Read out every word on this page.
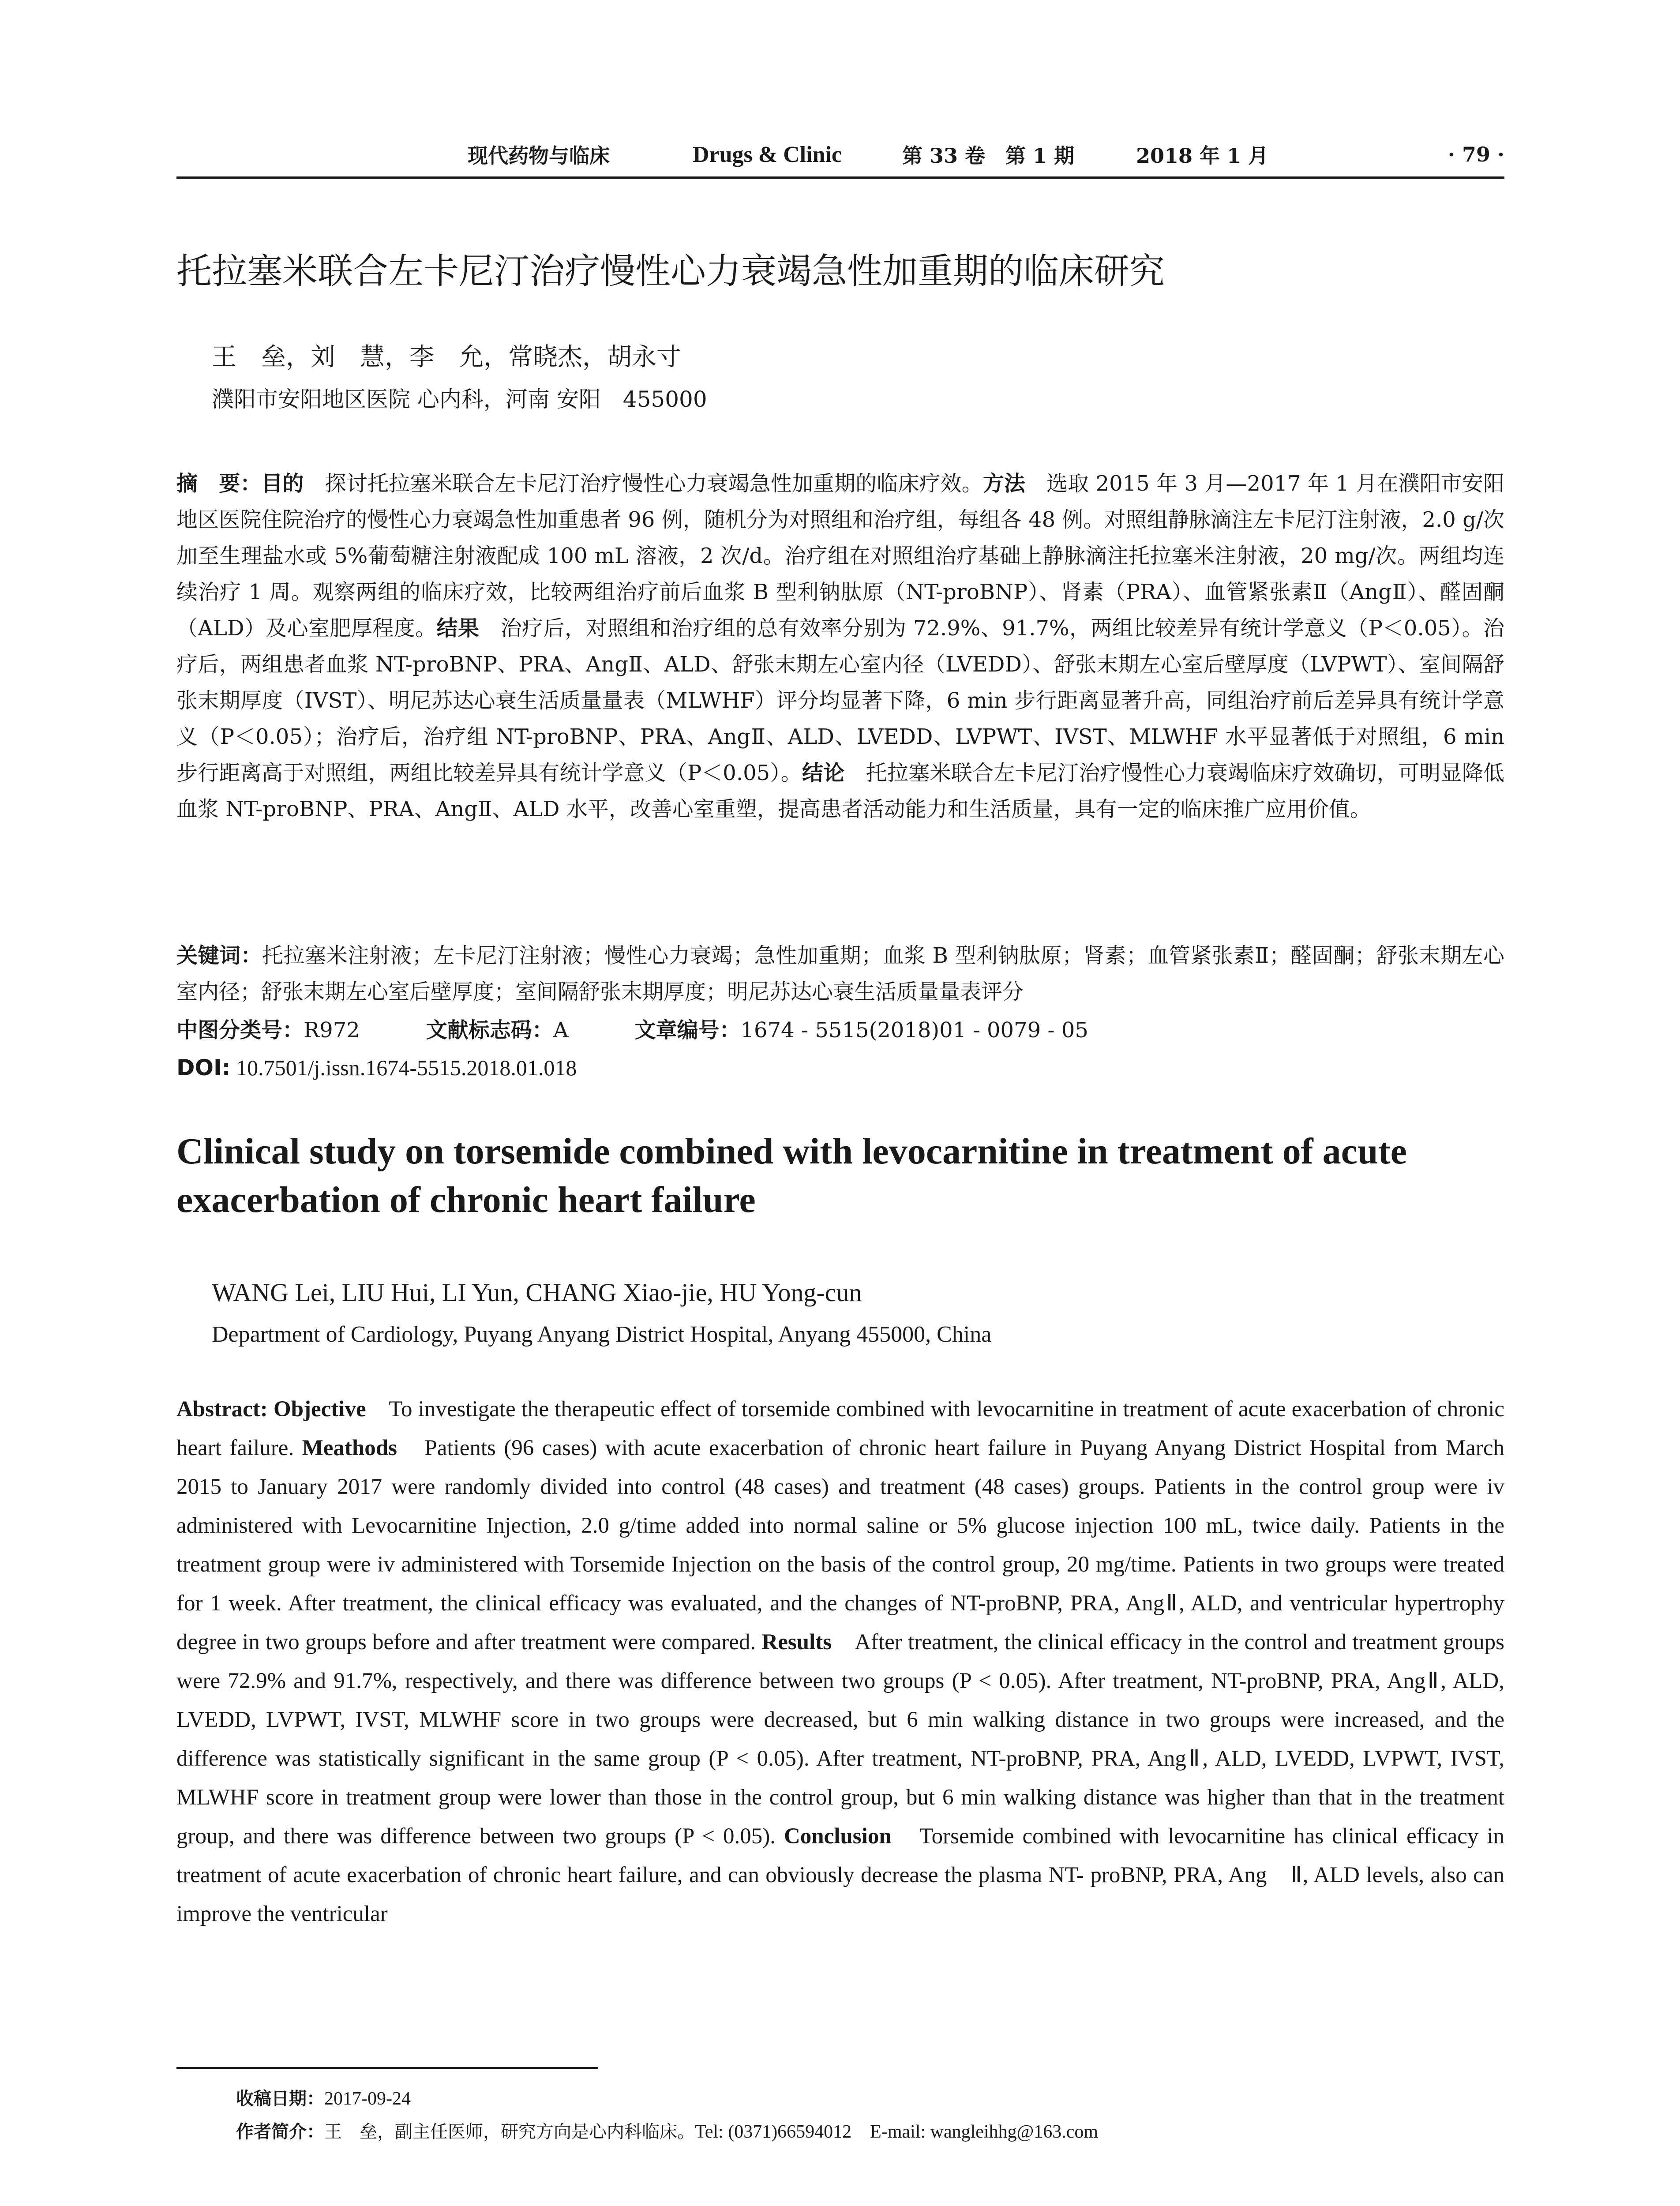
现代药物与临床	Drugs & Clinic	第 33 卷　第 1 期	2018 年 1 月	· 79 ·
托拉塞米联合左卡尼汀治疗慢性心力衰竭急性加重期的临床研究
王　垒，刘　慧，李　允，常晓杰，胡永寸
濮阳市安阳地区医院 心内科，河南 安阳　455000
摘　要：目的　探讨托拉塞米联合左卡尼汀治疗慢性心力衰竭急性加重期的临床疗效。方法　选取 2015 年 3 月—2017 年 1 月在濮阳市安阳地区医院住院治疗的慢性心力衰竭急性加重患者 96 例，随机分为对照组和治疗组，每组各 48 例。对照组静脉滴注左卡尼汀注射液，2.0 g/次加至生理盐水或 5%葡萄糖注射液配成 100 mL 溶液，2 次/d。治疗组在对照组治疗基础上静脉滴注托拉塞米注射液，20 mg/次。两组均连续治疗 1 周。观察两组的临床疗效，比较两组治疗前后血浆 B 型利钠肽原（NT-proBNP）、肾素（PRA）、血管紧张素Ⅱ（AngⅡ）、醛固酮（ALD）及心室肥厚程度。结果　治疗后，对照组和治疗组的总有效率分别为 72.9%、91.7%，两组比较差异有统计学意义（P＜0.05）。治疗后，两组患者血浆 NT-proBNP、PRA、AngⅡ、ALD、舒张末期左心室内径（LVEDD）、舒张末期左心室后壁厚度（LVPWT）、室间隔舒张末期厚度（IVST）、明尼苏达心衰生活质量量表（MLWHF）评分均显著下降，6 min 步行距离显著升高，同组治疗前后差异具有统计学意义（P＜0.05）；治疗后，治疗组 NT-proBNP、PRA、AngⅡ、ALD、LVEDD、LVPWT、IVST、MLWHF 水平显著低于对照组，6 min 步行距离高于对照组，两组比较差异具有统计学意义（P＜0.05）。结论　托拉塞米联合左卡尼汀治疗慢性心力衰竭临床疗效确切，可明显降低血浆 NT-proBNP、PRA、AngⅡ、ALD 水平，改善心室重塑，提高患者活动能力和生活质量，具有一定的临床推广应用价值。
关键词：托拉塞米注射液；左卡尼汀注射液；慢性心力衰竭；急性加重期；血浆 B 型利钠肽原；肾素；血管紧张素Ⅱ；醛固酮；舒张末期左心室内径；舒张末期左心室后壁厚度；室间隔舒张末期厚度；明尼苏达心衰生活质量量表评分
中图分类号：R972	文献标志码：A	文章编号：1674 - 5515(2018)01 - 0079 - 05
DOI: 10.7501/j.issn.1674-5515.2018.01.018
Clinical study on torsemide combined with levocarnitine in treatment of acute
exacerbation of chronic heart failure
WANG Lei, LIU Hui, LI Yun, CHANG Xiao-jie, HU Yong-cun
Department of Cardiology, Puyang Anyang District Hospital, Anyang 455000, China
Abstract: Objective　To investigate the therapeutic effect of torsemide combined with levocarnitine in treatment of acute exacerbation of chronic heart failure. Meathods　Patients (96 cases) with acute exacerbation of chronic heart failure in Puyang Anyang District Hospital from March 2015 to January 2017 were randomly divided into control (48 cases) and treatment (48 cases) groups. Patients in the control group were iv administered with Levocarnitine Injection, 2.0 g/time added into normal saline or 5% glucose injection 100 mL, twice daily. Patients in the treatment group were iv administered with Torsemide Injection on the basis of the control group, 20 mg/time. Patients in two groups were treated for 1 week. After treatment, the clinical efficacy was evaluated, and the changes of NT-proBNP, PRA, AngⅡ, ALD, and ventricular hypertrophy degree in two groups before and after treatment were compared. Results　After treatment, the clinical efficacy in the control and treatment groups were 72.9% and 91.7%, respectively, and there was difference between two groups (P < 0.05). After treatment, NT-proBNP, PRA, AngⅡ, ALD, LVEDD, LVPWT, IVST, MLWHF score in two groups were decreased, but 6 min walking distance in two groups were increased, and the difference was statistically significant in the same group (P < 0.05). After treatment, NT-proBNP, PRA, AngⅡ, ALD, LVEDD, LVPWT, IVST, MLWHF score in treatment group were lower than those in the control group, but 6 min walking distance was higher than that in the treatment group, and there was difference between two groups (P < 0.05). Conclusion　Torsemide combined with levocarnitine has clinical efficacy in treatment of acute exacerbation of chronic heart failure, and can obviously decrease the plasma NT- proBNP, PRA, Ang　Ⅱ, ALD levels, also can improve the ventricular
收稿日期：2017-09-24
作者简介：王　垒，副主任医师，研究方向是心内科临床。Tel: (0371)66594012　E-mail: wangleihhg@163.com
